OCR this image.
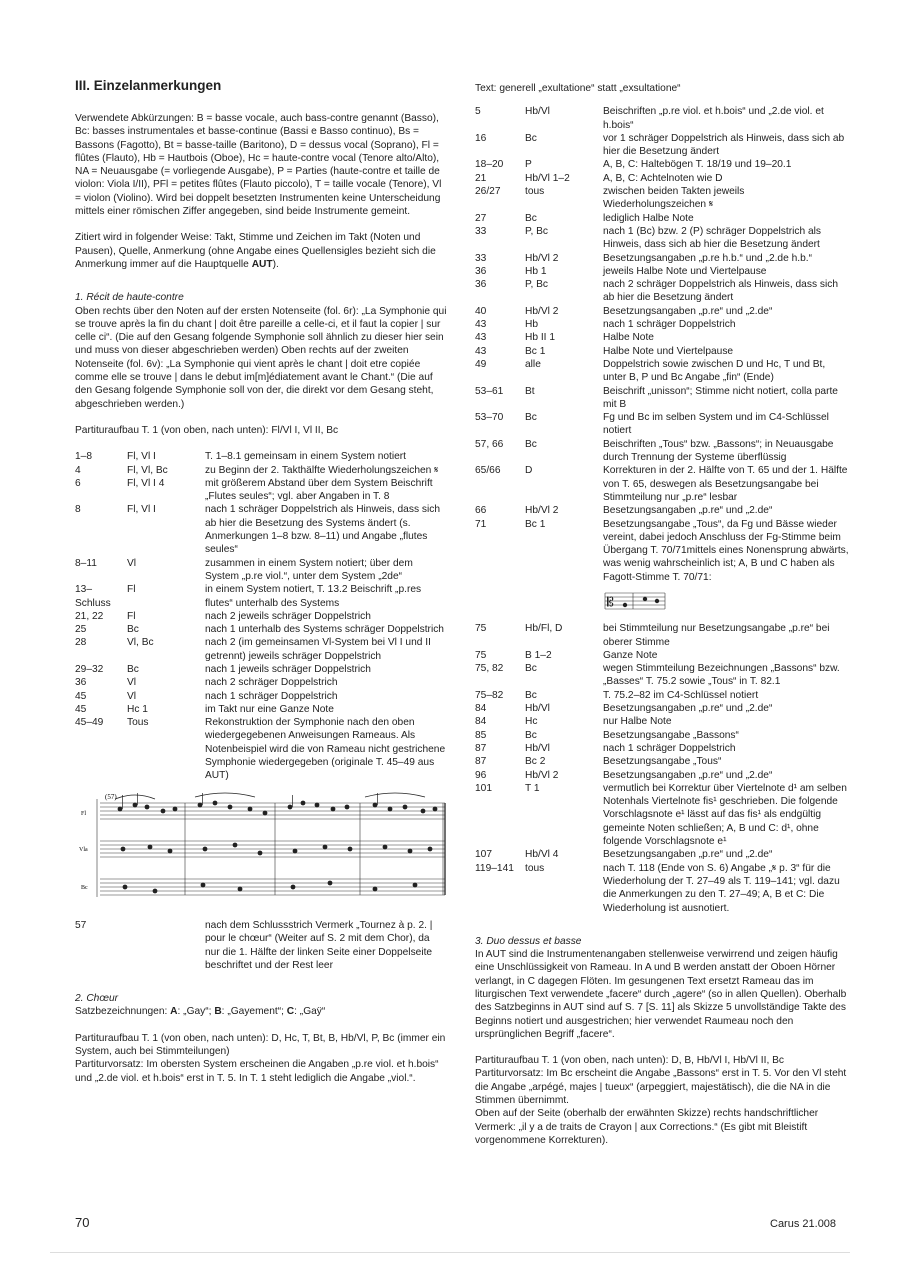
III. Einzelanmerkungen

Verwendete Abkürzungen: B = basse vocale, auch bass-contre genannt (Basso), Bc: basses instrumentales et basse-continue (Bassi e Basso continuo), Bs = Bassons (Fagotto), Bt = basse-taille (Baritono), D = dessus vocal (Soprano), Fl = flûtes (Flauto), Hb = Hautbois (Oboe), Hc = haute-contre vocal (Tenore alto/Alto), NA = Neuausgabe (= vorliegende Ausgabe), P = Parties (haute-contre et taille de violon: Viola I/II), PFl = petites flûtes (Flauto piccolo), T = taille vocale (Tenore), Vl = violon (Violino). Wird bei doppelt besetzten Instrumenten keine Unterscheidung mittels einer römischen Ziffer angegeben, sind beide Instrumente gemeint.

Zitiert wird in folgender Weise: Takt, Stimme und Zeichen im Takt (Noten und Pausen), Quelle, Anmerkung (ohne Angabe eines Quellensigles bezieht sich die Anmerkung immer auf die Hauptquelle AUT).

1. Récit de haute-contre

Oben rechts über den Noten auf der ersten Notenseite (fol. 6r): „La Symphonie qui se trouve après la fin du chant | doit être pareille a celle-ci, et il faut la copier | sur celle ci“. (Die auf den Gesang folgende Symphonie soll ähnlich zu dieser hier sein und muss von dieser abgeschrieben werden) Oben rechts auf der zweiten Notenseite (fol. 6v): „La Symphonie qui vient après le chant | doit etre copiée comme elle se trouve | dans le debut im[m]édiatement avant le Chant.“ (Die auf den Gesang folgende Symphonie soll von der, die direkt vor dem Gesang steht, abgeschrieben werden.)

Partituraufbau T. 1 (von oben, nach unten): Fl/Vl I, Vl II, Bc

1–8	Fl, Vl I	T. 1–8.1 gemeinsam in einem System notiert
4	Fl, Vl, Bc	zu Beginn der 2. Takthälfte Wiederholungszeichen 𝄋
6	Fl, Vl I 4	mit größerem Abstand über dem System Beischrift „Flutes seules“; vgl. aber Angaben in T. 8
8	Fl, Vl I	nach 1 schräger Doppelstrich als Hinweis, dass sich ab hier die Besetzung des Systems ändert (s. Anmerkungen 1–8 bzw. 8–11) und Angabe „flutes seules“
8–11	Vl	zusammen in einem System notiert; über dem System „p.re viol.“, unter dem System „2de“
13–
Schluss	Fl	in einem System notiert, T. 13.2 Beischrift „p.res flutes“ unterhalb des Systems
21, 22	Fl	nach 2 jeweils schräger Doppelstrich
25	Bc	nach 1 unterhalb des Systems schräger Doppelstrich
28	Vl, Bc	nach 2 (im gemeinsamen Vl-System bei Vl I und II getrennt) jeweils schräger Doppelstrich
29–32	Bc	nach 1 jeweils schräger Doppelstrich
36	Vl	nach 2 schräger Doppelstrich
45	Vl	nach 1 schräger Doppelstrich
45	Hc 1	im Takt nur eine Ganze Note
45–49	Tous	Rekonstruktion der Symphonie nach den oben wiedergegebenen Anweisungen Rameaus. Als Notenbeispiel wird die von Rameau nicht gestrichene Symphonie wiedergegeben (originale T. 45–49 aus AUT)
(57)
Fl
Vla
Bc
57		nach dem Schlussstrich Vermerk „Tournez à p. 2. | pour le chœur“ (Weiter auf S. 2 mit dem Chor), da nur die 1. Hälfte der linken Seite einer Doppelseite beschriftet und der Rest leer

2. Chœur

Satzbezeichnungen: A: „Gay“; B: „Gayement“; C: „Gaÿ“

Partituraufbau T. 1 (von oben, nach unten): D, Hc, T, Bt, B, Hb/Vl, P, Bc (immer ein System, auch bei Stimmteilungen)

Partiturvorsatz: Im obersten System erscheinen die Angaben „p.re viol. et h.bois“ und „2.de viol. et h.bois“ erst in T. 5. In T. 1 steht lediglich die Angabe „viol.“.

Text: generell „exultatione“ statt „exsultatione“

5	Hb/Vl	Beischriften „p.re viol. et h.bois“ und „2.de viol. et h.bois“
16	Bc	vor 1 schräger Doppelstrich als Hinweis, dass sich ab hier die Besetzung ändert
18–20	P	A, B, C: Haltebögen T. 18/19 und 19–20.1
21	Hb/Vl 1–2	A, B, C: Achtelnoten wie D
26/27	tous	zwischen beiden Takten jeweils Wiederholungszeichen 𝄋
27	Bc	lediglich Halbe Note
33	P, Bc	nach 1 (Bc) bzw. 2 (P) schräger Doppelstrich als Hinweis, dass sich ab hier die Besetzung ändert
33	Hb/Vl 2	Besetzungsangaben „p.re h.b.“ und „2.de h.b.“
36	Hb 1	jeweils Halbe Note und Viertelpause
36	P, Bc	nach 2 schräger Doppelstrich als Hinweis, dass sich ab hier die Besetzung ändert
40	Hb/Vl 2	Besetzungsangaben „p.re“ und „2.de“
43	Hb	nach 1 schräger Doppelstrich
43	Hb II 1	Halbe Note
43	Bc 1	Halbe Note und Viertelpause
49	alle	Doppelstrich sowie zwischen D und Hc, T und Bt, unter B, P und Bc Angabe „fin“ (Ende)
53–61	Bt	Beischrift „unisson“; Stimme nicht notiert, colla parte mit B
53–70	Bc	Fg und Bc im selben System und im C4-Schlüssel notiert
57, 66	Bc	Beischriften „Tous“ bzw. „Bassons“; in Neuausgabe durch Trennung der Systeme überflüssig
65/66	D	Korrekturen in der 2. Hälfte von T. 65 und der 1. Hälfte von T. 65, deswegen als Besetzungsangabe bei Stimmteilung nur „p.re“ lesbar
66	Hb/Vl 2	Besetzungsangaben „p.re“ und „2.de“
71	Bc 1	Besetzungsangabe „Tous“, da Fg und Bässe wieder vereint, dabei jedoch Anschluss der Fg-Stimme beim Übergang T. 70/71mittels eines Nonensprung abwärts, was wenig wahrscheinlich ist; A, B und C haben als Fagott-Stimme T. 70/71:
𝄡
75	Hb/Fl, D	bei Stimmteilung nur Besetzungsangabe „p.re“ bei oberer Stimme
75	B 1–2	Ganze Note
75, 82	Bc	wegen Stimmteilung Bezeichnungen „Bassons“ bzw. „Basses“ T. 75.2 sowie „Tous“ in T. 82.1
75–82	Bc	T. 75.2–82 im C4-Schlüssel notiert
84	Hb/Vl	Besetzungsangaben „p.re“ und „2.de“
84	Hc	nur Halbe Note
85	Bc	Besetzungsangabe „Bassons“
87	Hb/Vl	nach 1 schräger Doppelstrich
87	Bc 2	Besetzungsangabe „Tous“
96	Hb/Vl 2	Besetzungsangaben „p.re“ und „2.de“
101	T 1	vermutlich bei Korrektur über Viertelnote d¹ am selben Notenhals Viertelnote fis¹ geschrieben. Die folgende Vorschlagsnote e¹ lässt auf das fis¹ als endgültig gemeinte Noten schließen; A, B und C: d¹, ohne folgende Vorschlagsnote e¹
107	Hb/Vl 4	Besetzungsangaben „p.re“ und „2.de“
119–141	tous	nach T. 118 (Ende von S. 6) Angabe „𝄋 p. 3“ für die Wiederholung der T. 27–49 als T. 119–141; vgl. dazu die Anmerkungen zu den T. 27–49; A, B et C: Die Wiederholung ist ausnotiert.

3. Duo dessus et basse

In AUT sind die Instrumentenangaben stellenweise verwirrend und zeigen häufig eine Unschlüssigkeit von Rameau. In A und B werden anstatt der Oboen Hörner verlangt, in C dagegen Flöten. Im gesungenen Text ersetzt Rameau das im liturgischen Text verwendete „facere“ durch „agere“ (so in allen Quellen). Oberhalb des Satzbeginns in AUT sind auf S. 7 [S. 11] als Skizze 5 unvollständige Takte des Beginns notiert und ausgestrichen; hier verwendet Raumeau noch den ursprünglichen Begriff „facere“.

Partituraufbau T. 1 (von oben, nach unten): D, B, Hb/Vl I, Hb/Vl II, Bc

Partiturvorsatz: Im Bc erscheint die Angabe „Bassons“ erst in T. 5. Vor den Vl steht die Angabe „arpégé, majes | tueux“ (arpeggiert, majestätisch), die die NA in die Stimmen übernimmt.

Oben auf der Seite (oberhalb der erwähnten Skizze) rechts handschriftlicher Vermerk: „il y a de traits de Crayon | aux Corrections.“ (Es gibt mit Bleistift vorgenommene Korrekturen).

70	Carus 21.008
